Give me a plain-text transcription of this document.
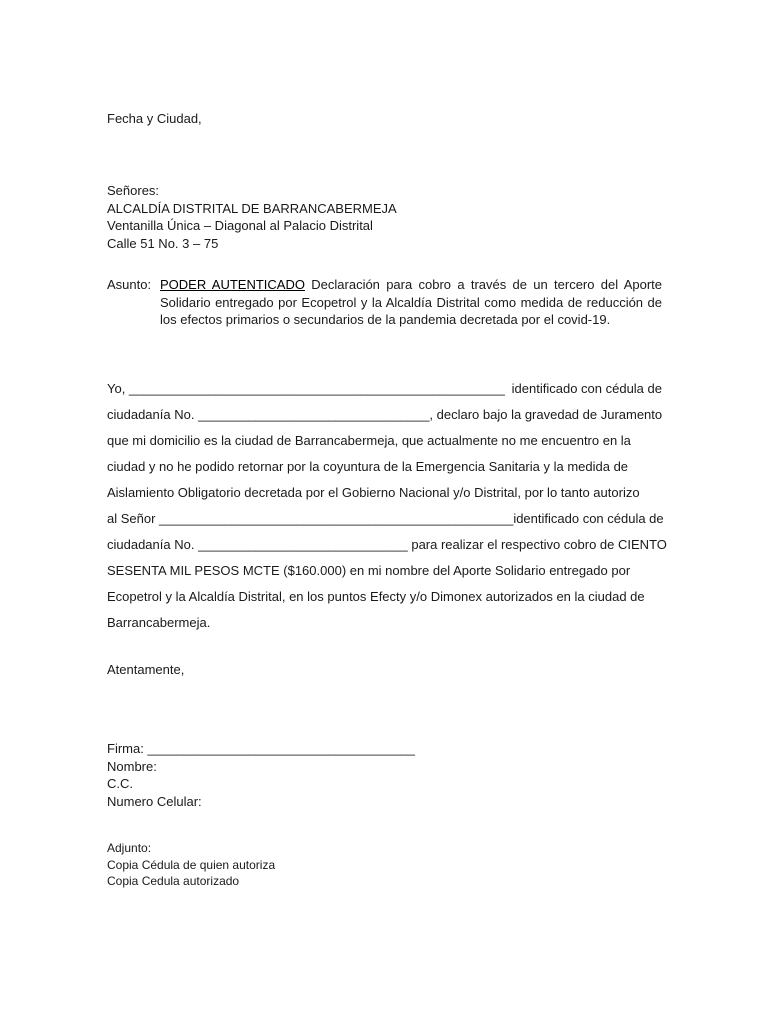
Fecha y Ciudad,
Señores:
ALCALDÍA DISTRITAL DE BARRANCABERMEJA
Ventanilla Única – Diagonal al Palacio Distrital
Calle 51 No. 3 – 75
Asunto: PODER AUTENTICADO Declaración para cobro a través de un tercero del Aporte Solidario entregado por Ecopetrol y la Alcaldía Distrital como medida de reducción de los efectos primarios o secundarios de la pandemia decretada por el covid-19.
Yo, ____________________________________________________ identificado con cédula de
ciudadanía No. ________________________________, declaro bajo la gravedad de Juramento
que mi domicilio es la ciudad de Barrancabermeja, que actualmente no me encuentro en la
ciudad y no he podido retornar por la coyuntura de la Emergencia Sanitaria y la medida de
Aislamiento Obligatorio decretada por el Gobierno Nacional y/o Distrital, por lo tanto autorizo
al Señor _________________________________________________ identificado con cédula de
ciudadanía No. _____________________________ para realizar el respectivo cobro de CIENTO
SESENTA MIL PESOS MCTE ($160.000) en mi nombre del Aporte Solidario entregado por
Ecopetrol y la Alcaldía Distrital, en los puntos Efecty y/o Dimonex autorizados en la ciudad de
Barrancabermeja.
Atentamente,
Firma: _____________________________________
Nombre:
C.C.
Numero Celular:
Adjunto:
Copia Cédula de quien autoriza
Copia Cedula autorizado
